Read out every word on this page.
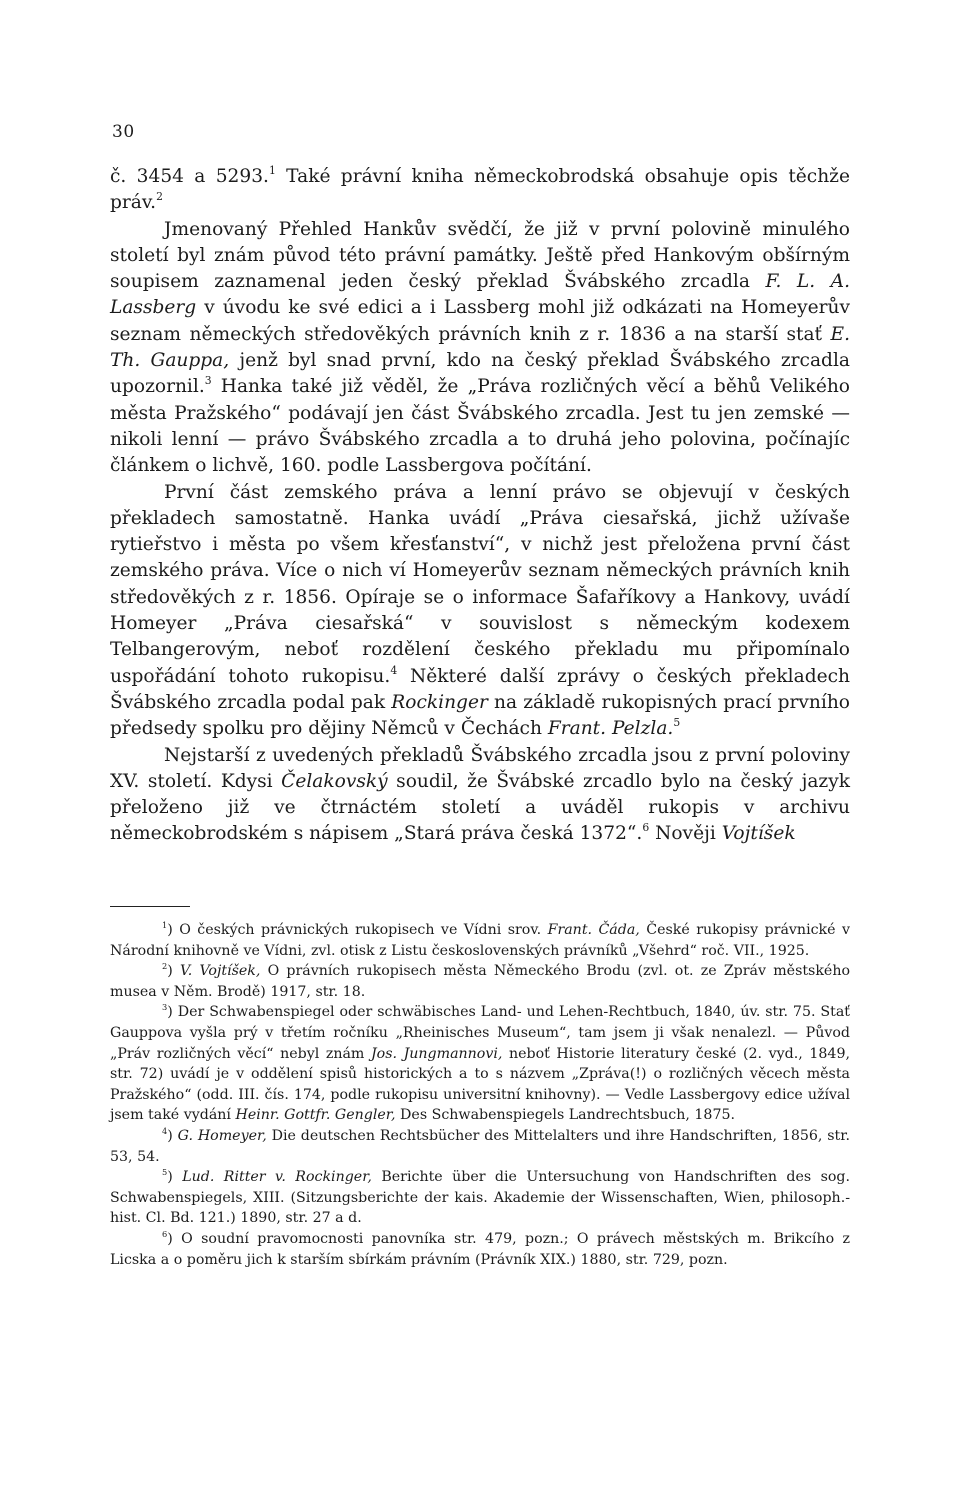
30

č. 3454 a 5293.$^1$ Také právní kniha německobrodská obsahuje opis těchže práv.$^2$

Jmenovaný Přehled Hankův svědčí, že již v první polovině minulého století byl znám původ této právní památky. Ještě před Hankovým obšírným soupisem zaznamenal jeden český překlad Švábského zrcadla F. L. A. Lassberg v úvodu ke své edici a i Lassberg mohl již odkázati na Homeyerův seznam německých středověkých právních knih z r. 1836 a na starší stať E. Th. Gauppa, jenž byl snad první, kdo na český překlad Švábského zrcadla upozornil.$^3$ Hanka také již věděl, že „Práva rozličných věcí a běhů Velikého města Pražského“ podávají jen část Švábského zrcadla. Jest tu jen zemské — nikoli lenní — právo Švábského zrcadla a to druhá jeho polovina, počínajíc článkem o lichvě, 160. podle Lassbergova počítání.

První část zemského práva a lenní právo se objevují v českých překladech samostatně. Hanka uvádí „Práva ciesařská, jichž užívaše rytieřstvo i města po všem křesťanství“, v nichž jest přeložena první část zemského práva. Více o nich ví Homeyerův seznam německých právních knih středověkých z r. 1856. Opíraje se o informace Šafaříkovy a Hankovy, uvádí Homeyer „Práva ciesařská“ v souvislost s německým kodexem Telbangerovým, neboť rozdělení českého překladu mu připomínalo uspořádání tohoto rukopisu.$^4$ Některé další zprávy o českých překladech Švábského zrcadla podal pak Rockinger na základě rukopisných prací prvního předsedy spolku pro dějiny Němců v Čechách Frant. Pelzla.$^5$

Nejstarší z uvedených překladů Švábského zrcadla jsou z první poloviny XV. století. Kdysi Čelakovský soudil, že Švábské zrcadlo bylo na český jazyk přeloženo již ve čtrnáctém století a uváděl rukopis v archivu německobrodském s nápisem „Stará práva česká 1372“.$^6$ Nověji Vojtíšek

$^1$) O českých právnických rukopisech ve Vídni srov. Frant. Čáda, České rukopisy právnické v Národní knihovně ve Vídni, zvl. otisk z Listu československých právníků „Všehrd“ roč. VII., 1925.

$^2$) V. Vojtíšek, O právních rukopisech města Německého Brodu (zvl. ot. ze Zpráv městského musea v Něm. Brodě) 1917, str. 18.

$^3$) Der Schwabenspiegel oder schwäbisches Land- und Lehen-Rechtbuch, 1840, úv. str. 75. Stať Gauppova vyšla prý v třetím ročníku „Rheinisches Museum“, tam jsem ji však nenalezl. — Původ „Práv rozličných věcí“ nebyl znám Jos. Jungmannovi, neboť Historie literatury české (2. vyd., 1849, str. 72) uvádí je v oddělení spisů historických a to s názvem „Zpráva(!) o rozličných věcech města Pražského“ (odd. III. čís. 174, podle rukopisu universitní knihovny). — Vedle Lassbergovy edice užíval jsem také vydání Heinr. Gottfr. Gengler, Des Schwabenspiegels Landrechtsbuch, 1875.

$^4$) G. Homeyer, Die deutschen Rechtsbücher des Mittelalters und ihre Handschriften, 1856, str. 53, 54.

$^5$) Lud. Ritter v. Rockinger, Berichte über die Untersuchung von Handschriften des sog. Schwabenspiegels, XIII. (Sitzungsberichte der kais. Akademie der Wissenschaften, Wien, philosoph.-hist. Cl. Bd. 121.) 1890, str. 27 a d.

$^6$) O soudní pravomocnosti panovníka str. 479, pozn.; O právech městských m. Brikcího z Licska a o poměru jich k starším sbírkám právním (Právník XIX.) 1880, str. 729, pozn.
